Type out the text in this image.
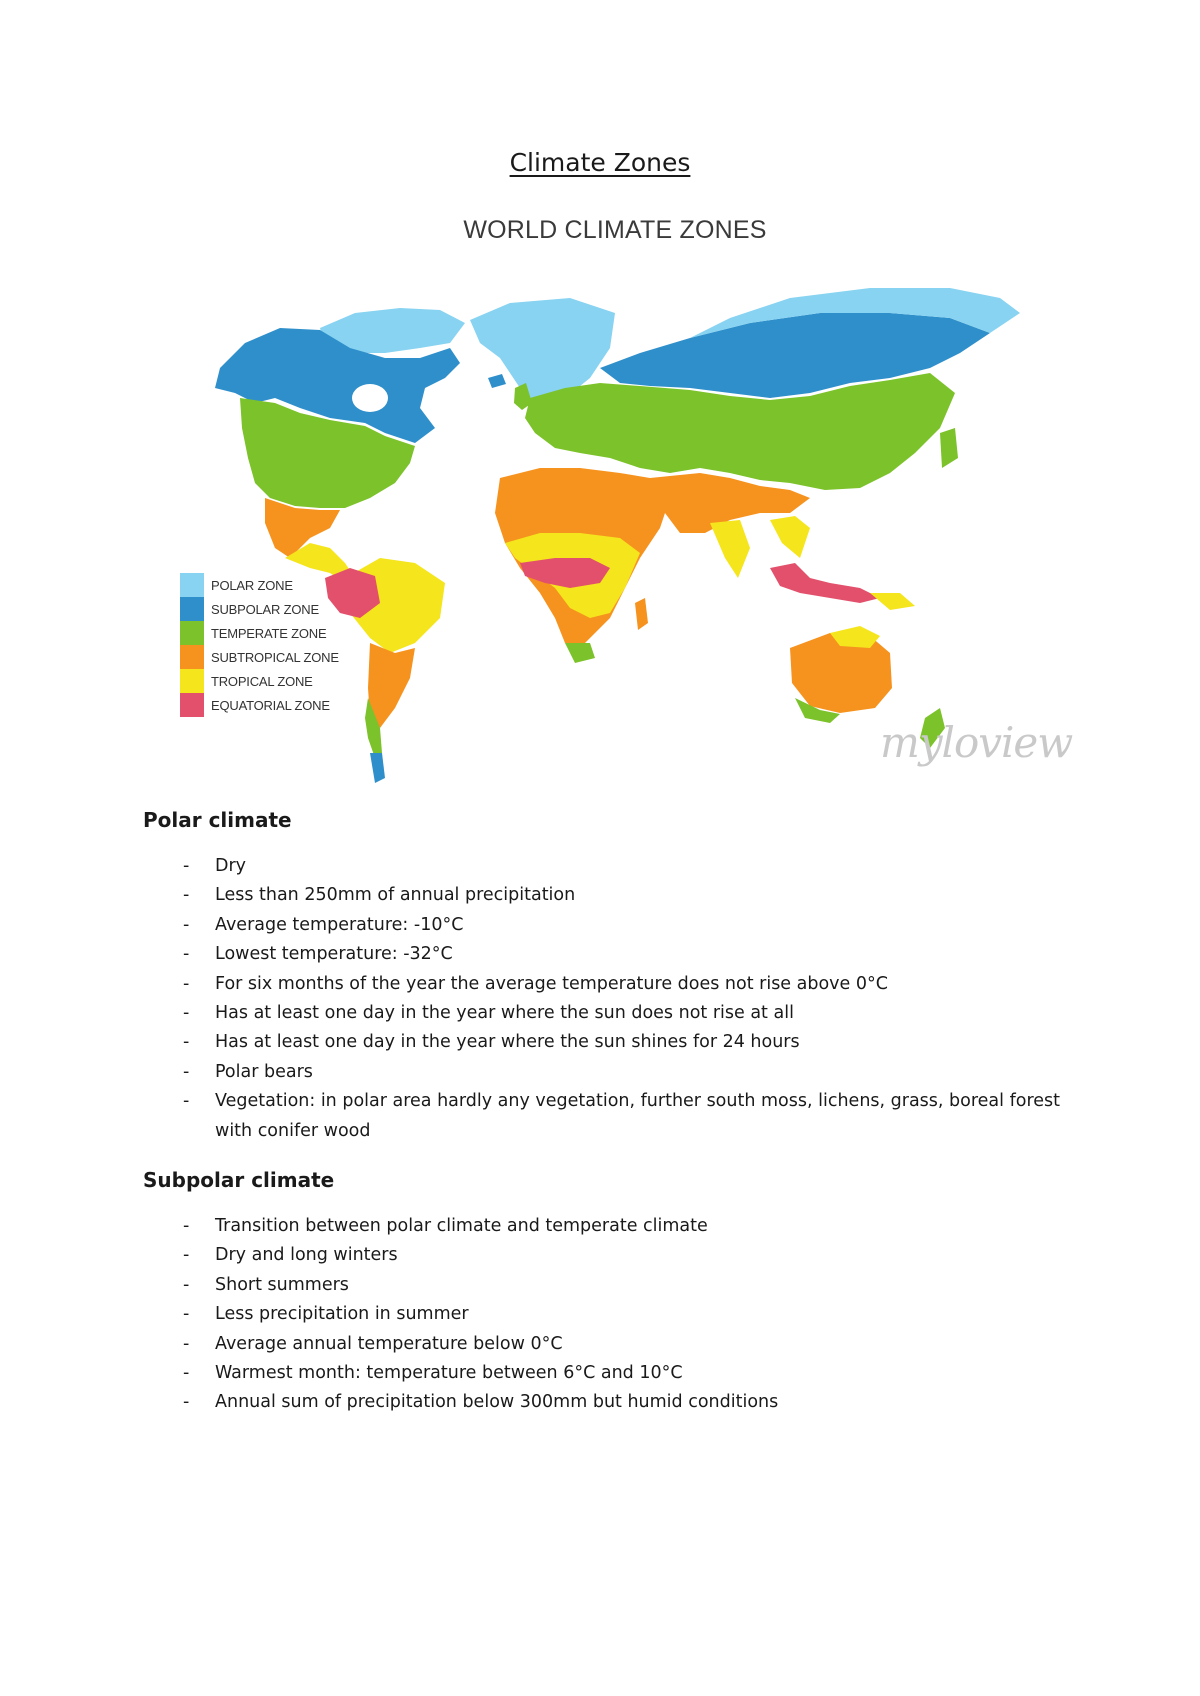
Climate Zones
WORLD CLIMATE ZONES
POLAR ZONE
SUBPOLAR ZONE
TEMPERATE ZONE
SUBTROPICAL ZONE
TROPICAL ZONE
EQUATORIAL ZONE
myloview
Polar climate
- Dry
- Less than 250mm of annual precipitation
- Average temperature: -10°C
- Lowest temperature: -32°C
- For six months of the year the average temperature does not rise above 0°C
- Has at least one day in the year where the sun does not rise at all
- Has at least one day in the year where the sun shines for 24 hours
- Polar bears
- Vegetation: in polar area hardly any vegetation, further south moss, lichens, grass, boreal forest with conifer wood
Subpolar climate
- Transition between polar climate and temperate climate
- Dry and long winters
- Short summers
- Less precipitation in summer
- Average annual temperature below 0°C
- Warmest month: temperature between 6°C and 10°C
- Annual sum of precipitation below 300mm but humid conditions
